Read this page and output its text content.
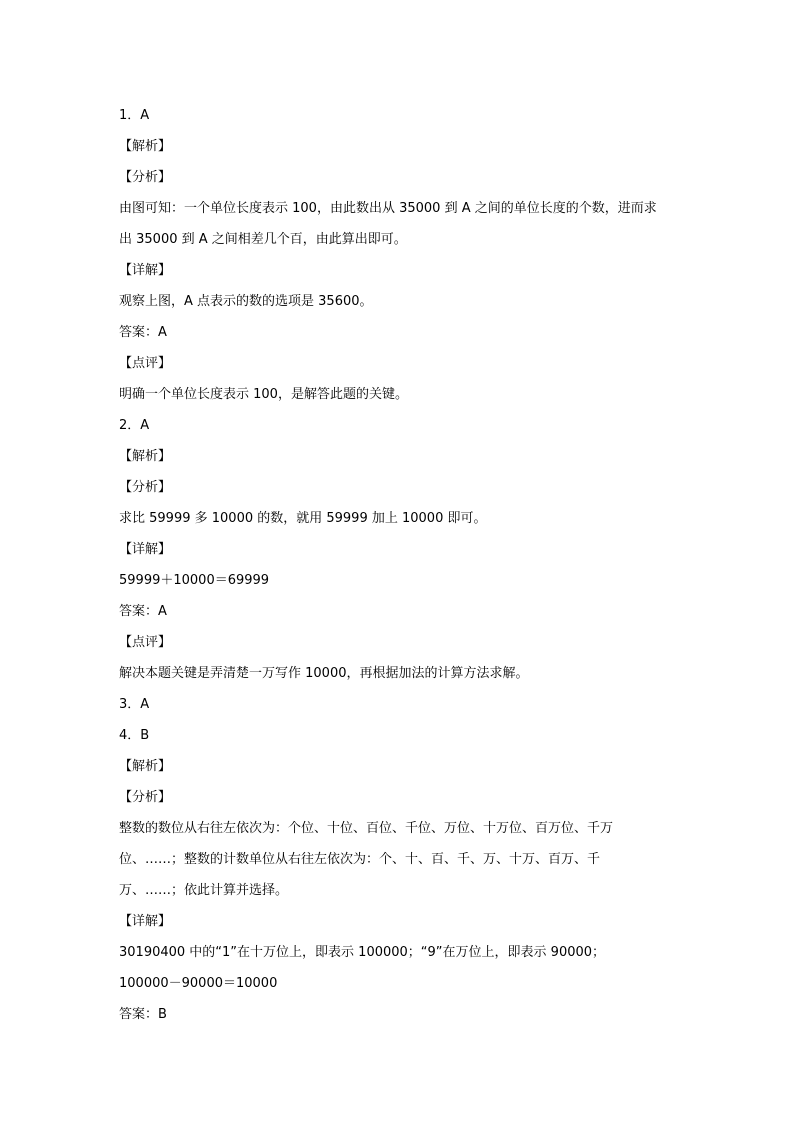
1．A
【解析】
【分析】
由图可知：一个单位长度表示 100，由此数出从 35000 到 A 之间的单位长度的个数，进而求
出 35000 到 A 之间相差几个百，由此算出即可。
【详解】
观察上图，A 点表示的数的选项是 35600。
答案：A
【点评】
明确一个单位长度表示 100，是解答此题的关键。
2．A
【解析】
【分析】
求比 59999 多 10000 的数，就用 59999 加上 10000 即可。
【详解】
59999＋10000＝69999
答案：A
【点评】
解决本题关键是弄清楚一万写作 10000，再根据加法的计算方法求解。
3．A
4．B
【解析】
【分析】
整数的数位从右往左依次为：个位、十位、百位、千位、万位、十万位、百万位、千万
位、……；整数的计数单位从右往左依次为：个、十、百、千、万、十万、百万、千
万、……；依此计算并选择。
【详解】
30190400 中的“1”在十万位上，即表示 100000；“9”在万位上，即表示 90000；
100000－90000＝10000
答案：B
